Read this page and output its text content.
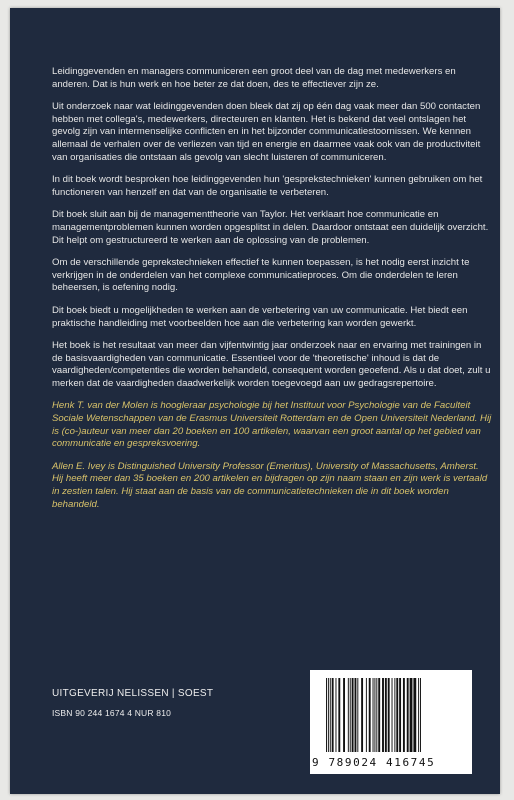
Leidinggevenden en managers communiceren een groot deel van de dag met medewerkers en anderen. Dat is hun werk en hoe beter ze dat doen, des te effectiever zijn ze.

Uit onderzoek naar wat leidinggevenden doen bleek dat zij op één dag vaak meer dan 500 contacten hebben met collega's, medewerkers, directeuren en klanten. Het is bekend dat veel ontslagen het gevolg zijn van intermenselijke conflicten en in het bijzonder communicatiestoornissen. We kennen allemaal de verhalen over de verliezen van tijd en energie en daarmee vaak ook van de productiviteit van organisaties die ontstaan als gevolg van slecht luisteren of communiceren.

In dit boek wordt besproken hoe leidinggevenden hun 'gesprekstechnieken' kunnen gebruiken om het functioneren van henzelf en dat van de organisatie te verbeteren.

Dit boek sluit aan bij de managementtheorie van Taylor. Het verklaart hoe communicatie en managementproblemen kunnen worden opgesplitst in delen. Daardoor ontstaat een duidelijk overzicht. Dit helpt om gestructureerd te werken aan de oplossing van de problemen.

Om de verschillende geprekstechnieken effectief te kunnen toepassen, is het nodig eerst inzicht te verkrijgen in de onderdelen van het complexe communicatieproces. Om die onderdelen te leren beheersen, is oefening nodig.

Dit boek biedt u mogelijkheden te werken aan de verbetering van uw communicatie. Het biedt een praktische handleiding met voorbeelden hoe aan die verbetering kan worden gewerkt.

Het boek is het resultaat van meer dan vijfentwintig jaar onderzoek naar en ervaring met trainingen in de basisvaardigheden van communicatie. Essentieel voor de 'theoretische' inhoud is dat de vaardigheden/competenties die worden behandeld, consequent worden geoefend. Als u dat doet, zult u merken dat de vaardigheden daadwerkelijk worden toegevoegd aan uw gedragsrepertoire.

Henk T. van der Molen is hoogleraar psychologie bij het Instituut voor Psychologie van de Faculteit Sociale Wetenschappen van de Erasmus Universiteit Rotterdam en de Open Universiteit Nederland. Hij is (co-)auteur van meer dan 20 boeken en 100 artikelen, waarvan een groot aantal op het gebied van communicatie en gespreksvoering.

Allen E. Ivey is Distinguished University Professor (Emeritus), University of Massachusetts, Amherst. Hij heeft meer dan 35 boeken en 200 artikelen en bijdragen op zijn naam staan en zijn werk is vertaald in zestien talen. Hij staat aan de basis van de communicatietechnieken die in dit boek worden behandeld.

UITGEVERIJ NELISSEN | SOEST
ISBN 90 244 1674 4 NUR 810
9 789024 416745
